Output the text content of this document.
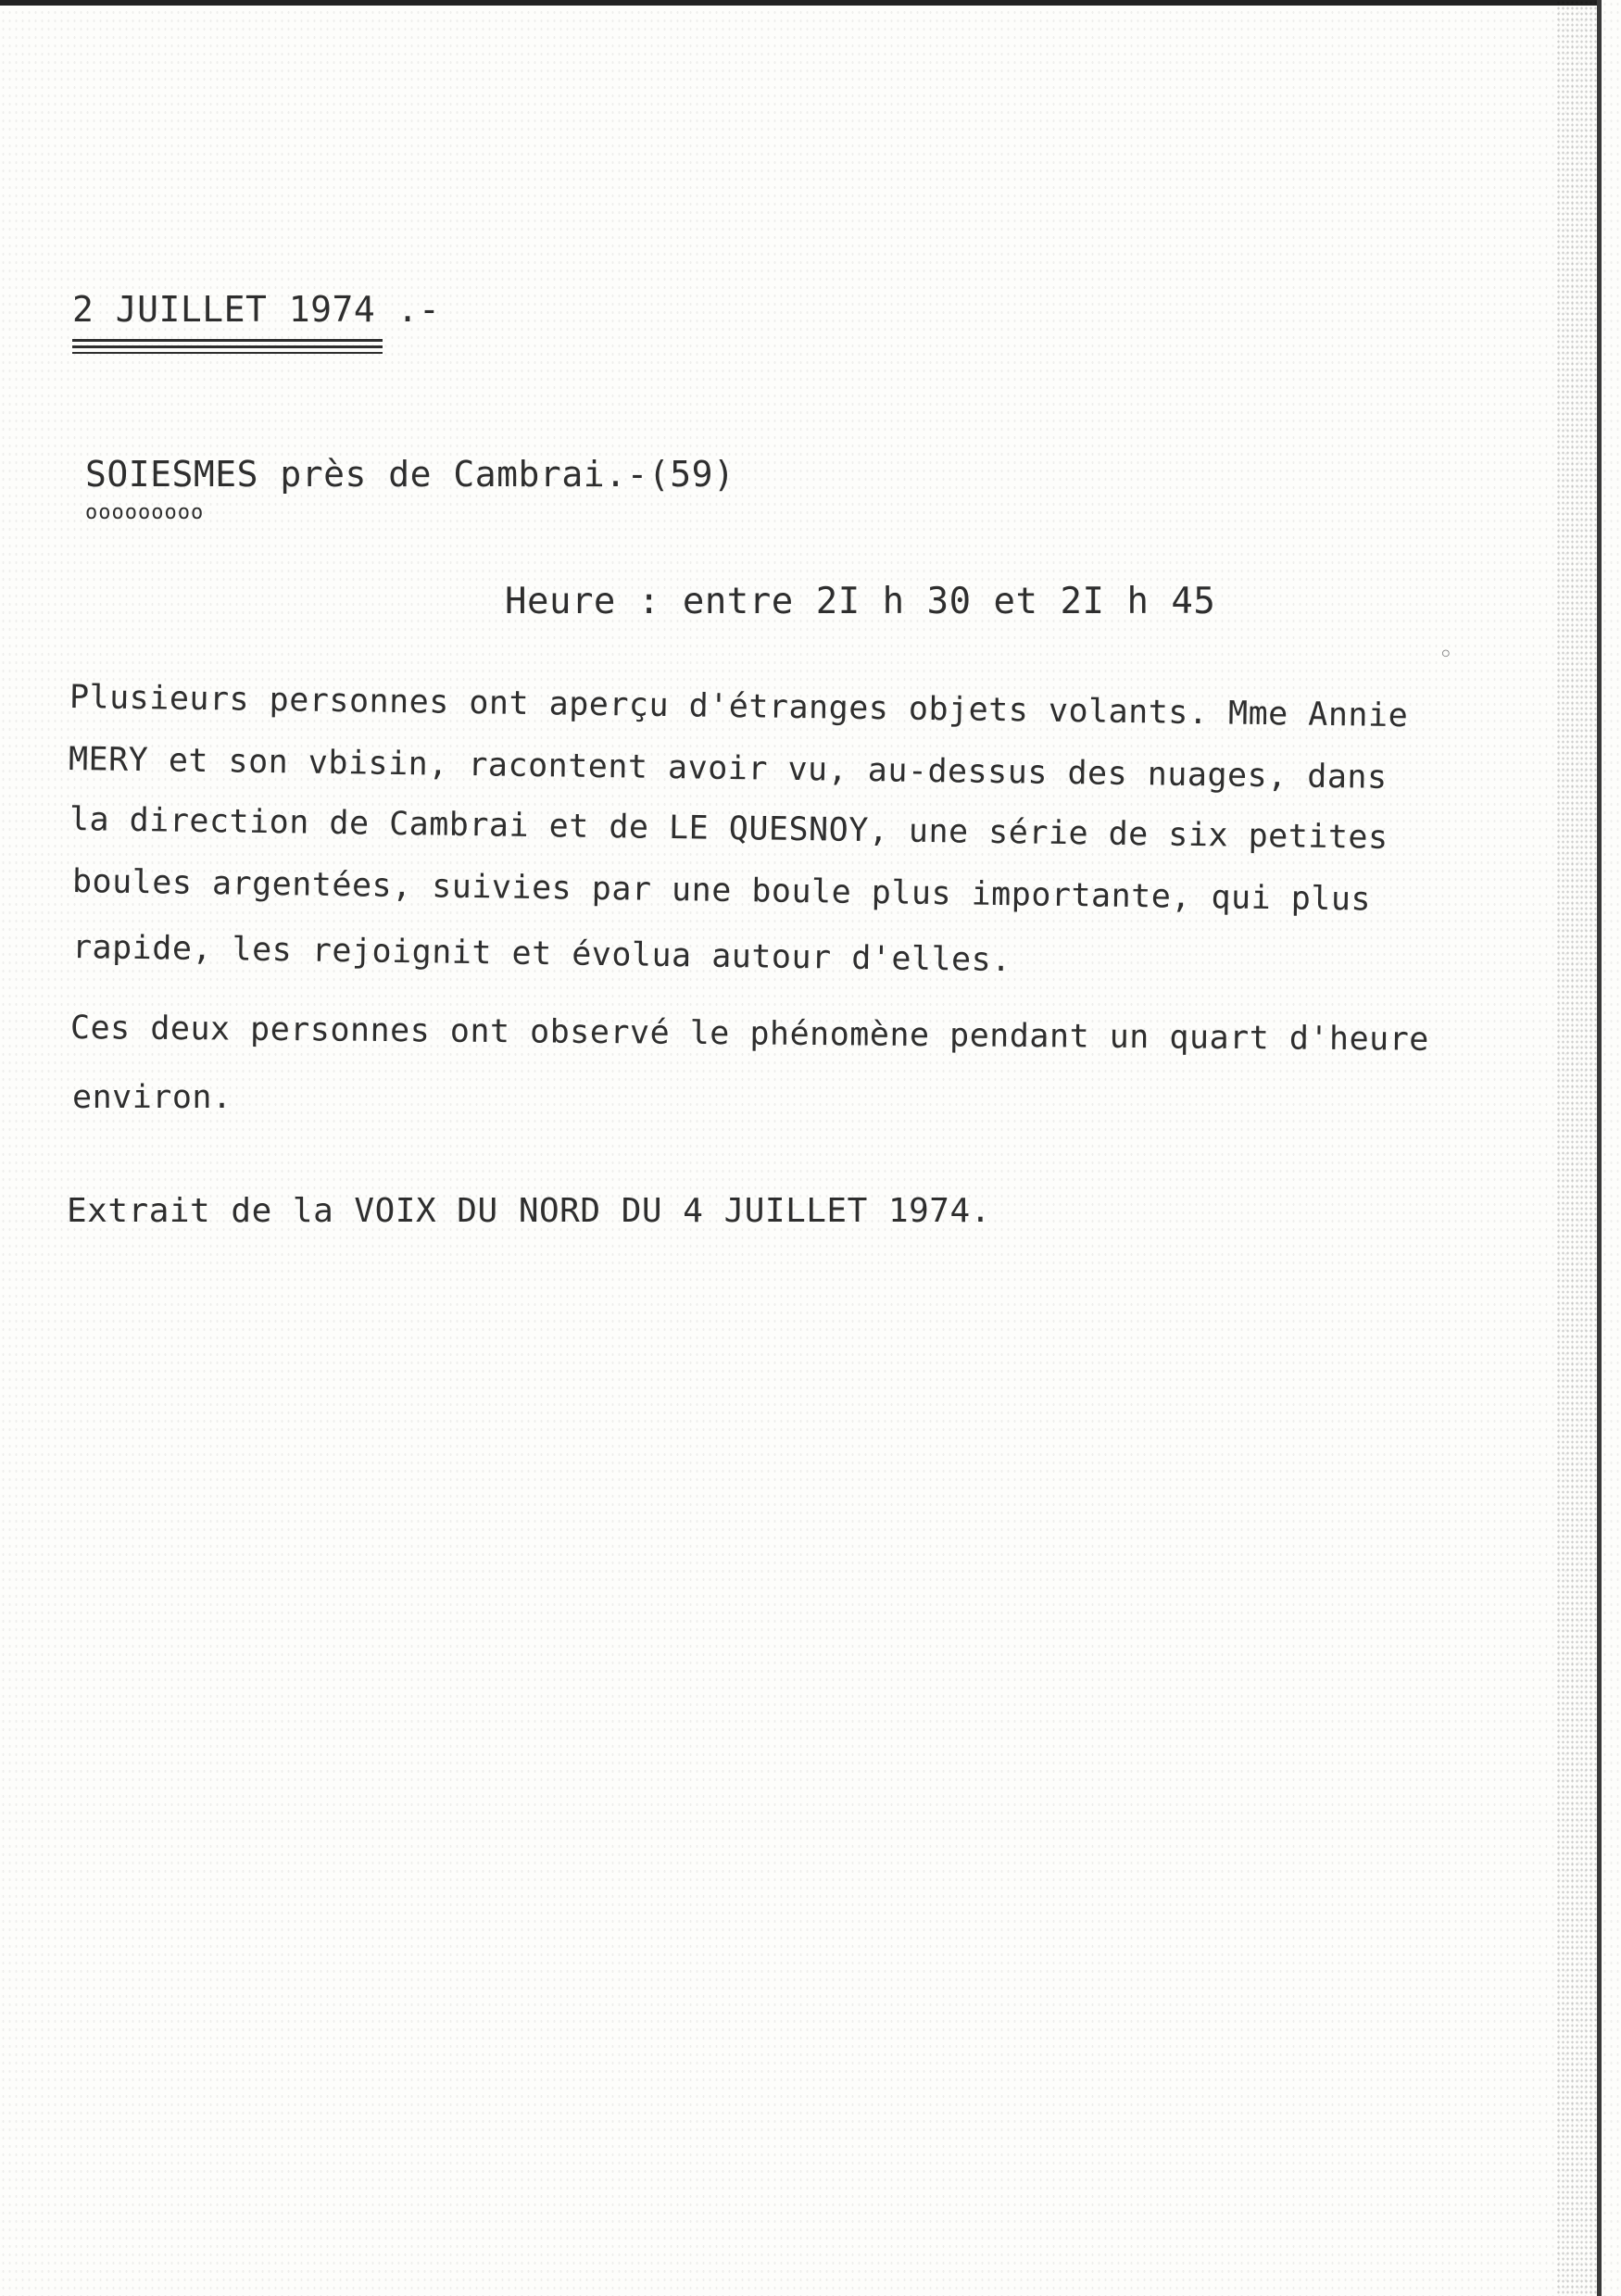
2 JUILLET 1974 .-
SOIESMES près de Cambrai.-(59)
ooooooooo
Heure : entre 2I h 30 et 2I h 45
◦
Plusieurs personnes ont aperçu d'étranges objets volants. Mme Annie
MERY et son vbisin, racontent avoir vu, au-dessus des nuages, dans
la direction de Cambrai et de LE QUESNOY, une série de six petites
boules argentées, suivies par une boule plus importante, qui plus
rapide, les rejoignit et évolua autour d'elles.
Ces deux personnes ont observé le phénomène pendant un quart d'heure
environ.
Extrait de la VOIX DU NORD DU 4 JUILLET 1974.
